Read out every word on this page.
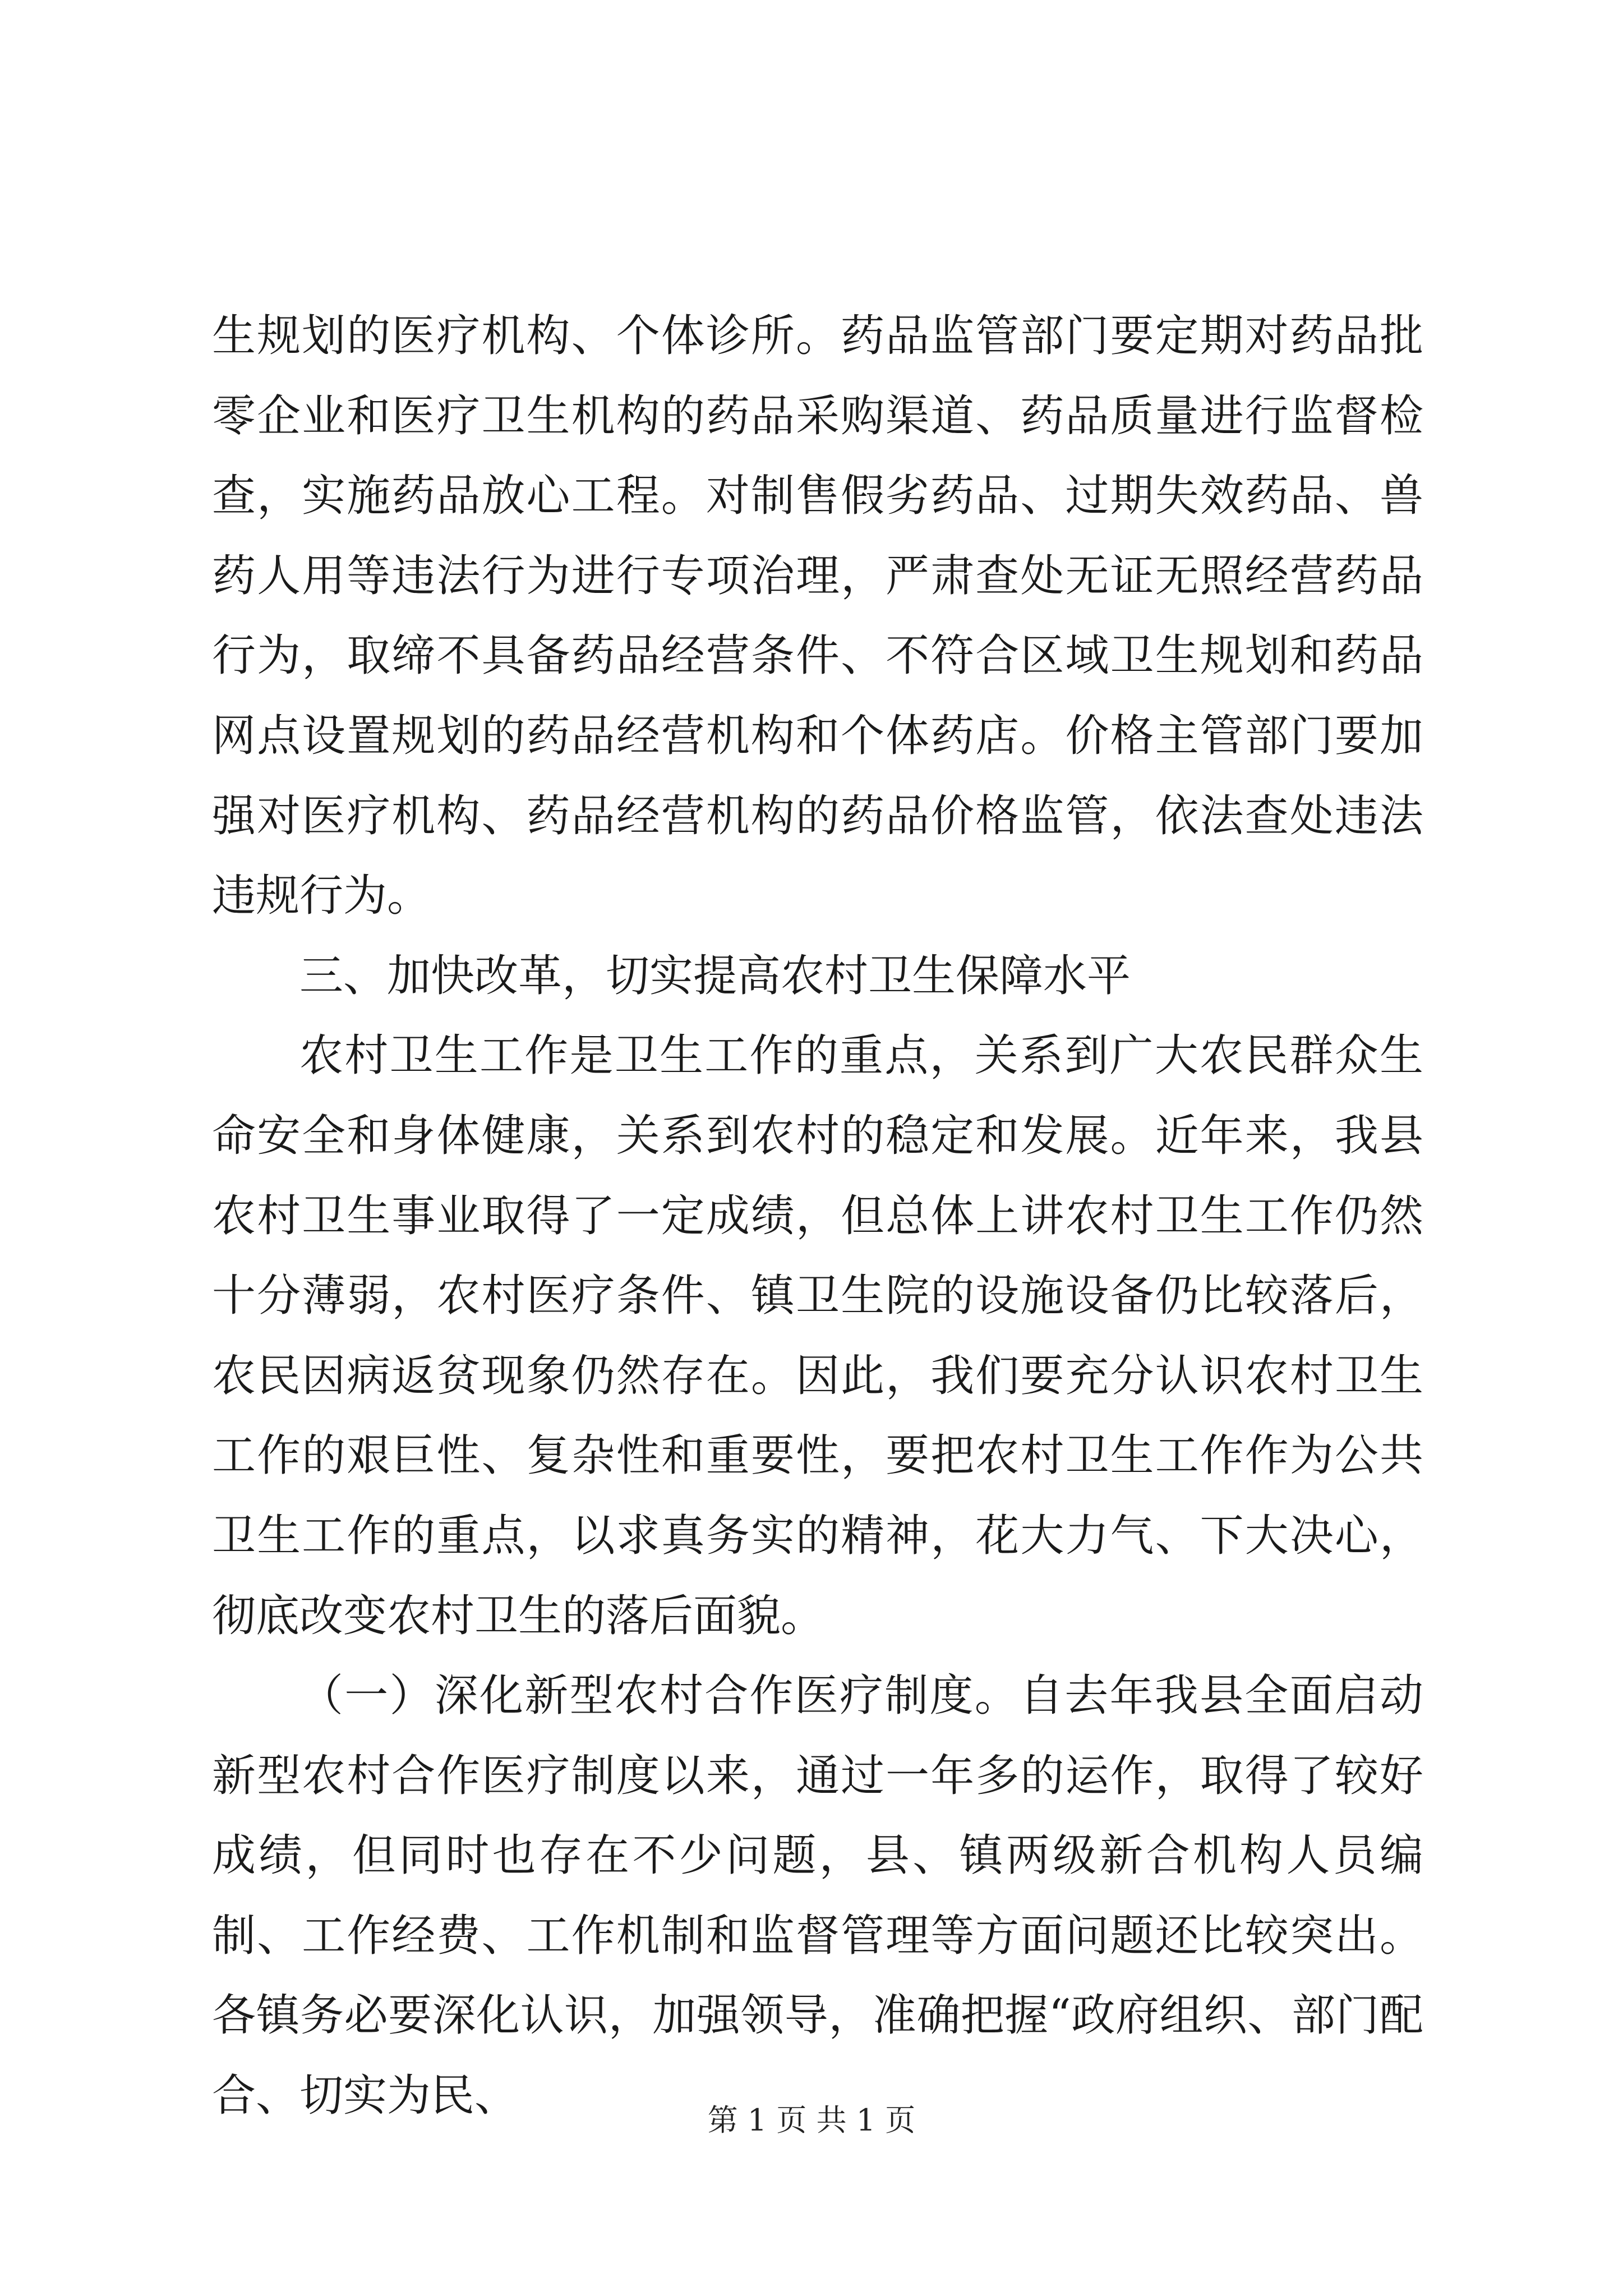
生规划的医疗机构、个体诊所。药品监管部门要定期对药品批零企业和医疗卫生机构的药品采购渠道、药品质量进行监督检查，实施药品放心工程。对制售假劣药品、过期失效药品、兽药人用等违法行为进行专项治理，严肃查处无证无照经营药品行为，取缔不具备药品经营条件、不符合区域卫生规划和药品网点设置规划的药品经营机构和个体药店。价格主管部门要加强对医疗机构、药品经营机构的药品价格监管，依法查处违法违规行为。

三、加快改革，切实提高农村卫生保障水平

农村卫生工作是卫生工作的重点，关系到广大农民群众生命安全和身体健康，关系到农村的稳定和发展。近年来，我县农村卫生事业取得了一定成绩，但总体上讲农村卫生工作仍然十分薄弱，农村医疗条件、镇卫生院的设施设备仍比较落后，农民因病返贫现象仍然存在。因此，我们要充分认识农村卫生工作的艰巨性、复杂性和重要性，要把农村卫生工作作为公共卫生工作的重点，以求真务实的精神，花大力气、下大决心，彻底改变农村卫生的落后面貌。

（一）深化新型农村合作医疗制度。自去年我县全面启动新型农村合作医疗制度以来，通过一年多的运作，取得了较好成绩，但同时也存在不少问题，县、镇两级新合机构人员编制、工作经费、工作机制和监督管理等方面问题还比较突出。各镇务必要深化认识，加强领导，准确把握“政府组织、部门配合、切实为民、	第 1 页 共 1 页
